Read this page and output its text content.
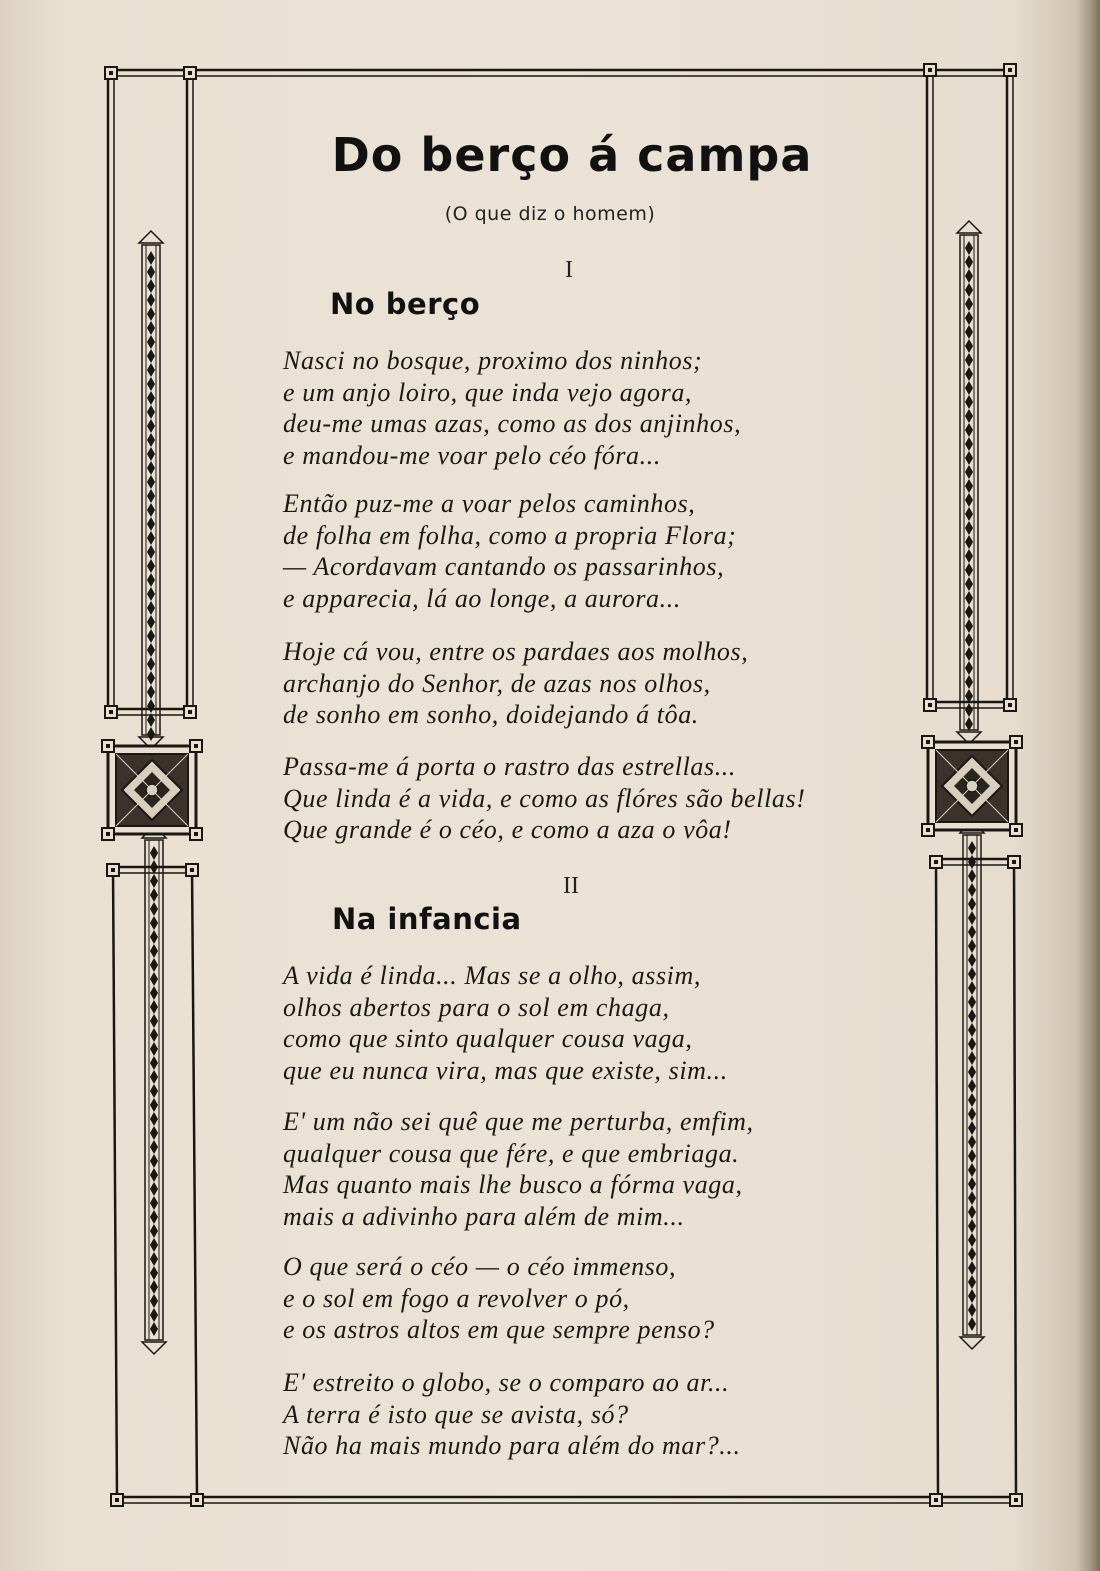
Do berço á campa
(O que diz o homem)
I
No berço
Nasci no bosque, proximo dos ninhos;
e um anjo loiro, que inda vejo agora,
deu-me umas azas, como as dos anjinhos,
e mandou-me voar pelo céo fóra...
Então puz-me a voar pelos caminhos,
de folha em folha, como a propria Flora;
— Acordavam cantando os passarinhos,
e apparecia, lá ao longe, a aurora...
Hoje cá vou, entre os pardaes aos molhos,
archanjo do Senhor, de azas nos olhos,
de sonho em sonho, doidejando á tôa.
Passa-me á porta o rastro das estrellas...
Que linda é a vida, e como as flóres são bellas!
Que grande é o céo, e como a aza o vôa!
II
Na infancia
A vida é linda... Mas se a olho, assim,
olhos abertos para o sol em chaga,
como que sinto qualquer cousa vaga,
que eu nunca vira, mas que existe, sim...
E' um não sei quê que me perturba, emfim,
qualquer cousa que fére, e que embriaga.
Mas quanto mais lhe busco a fórma vaga,
mais a adivinho para além de mim...
O que será o céo — o céo immenso,
e o sol em fogo a revolver o pó,
e os astros altos em que sempre penso?
E' estreito o globo, se o comparo ao ar...
A terra é isto que se avista, só?
Não ha mais mundo para além do mar?...
